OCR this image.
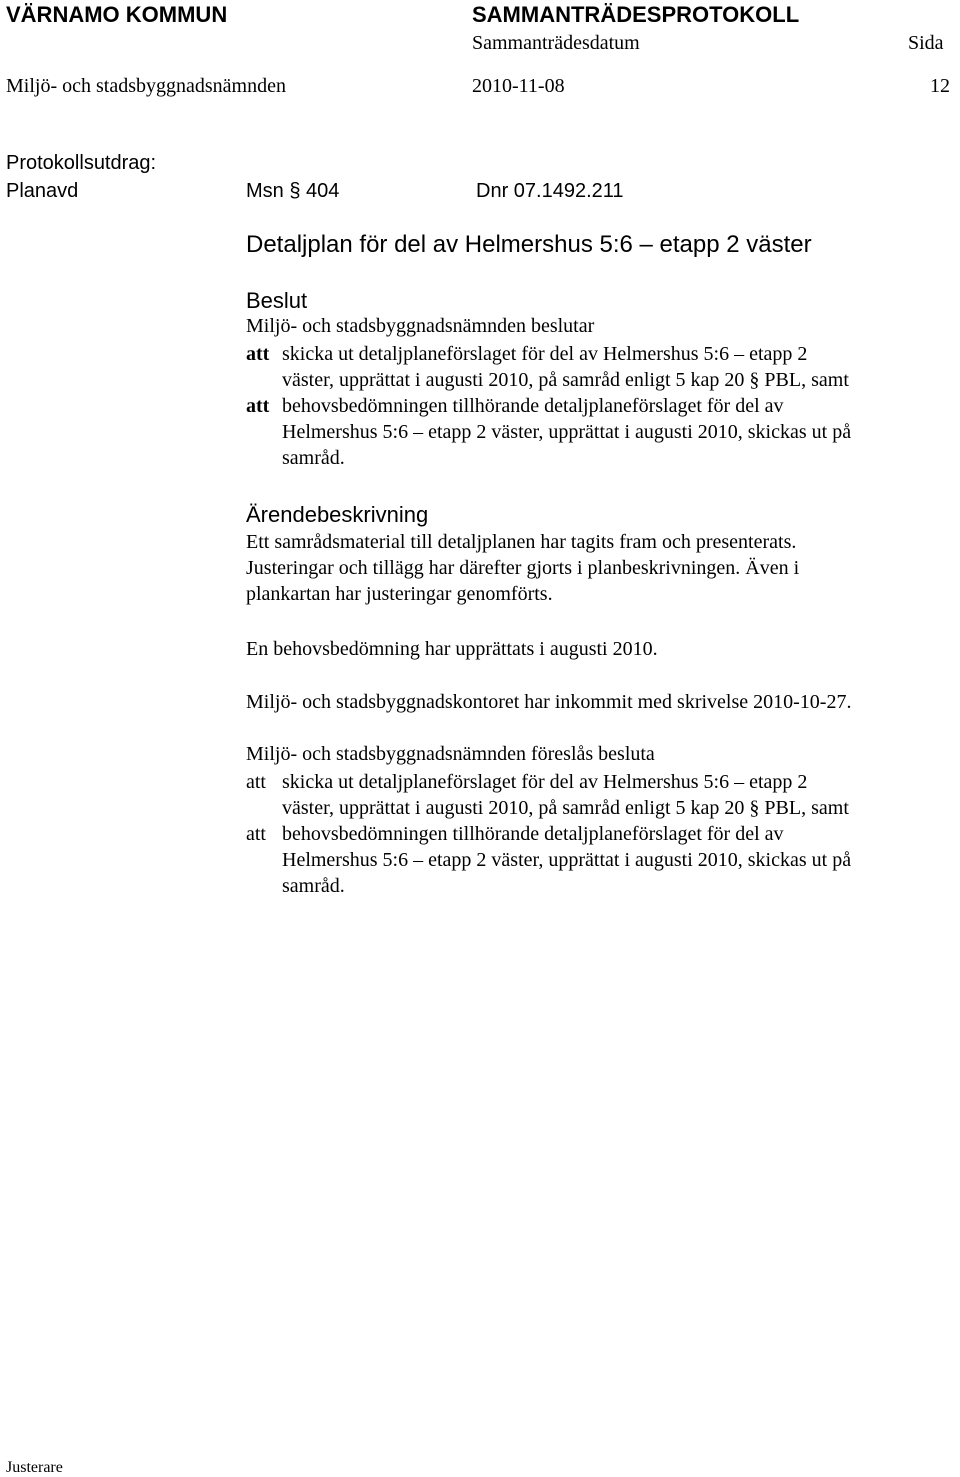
VÄRNAMO KOMMUN	SAMMANTRÄDESPROTOKOLL
Sammanträdesdatum	Sida
Miljö- och stadsbyggnadsnämnden	2010-11-08	12
Protokollsutdrag:
Planavd	Msn § 404	Dnr 07.1492.211
Detaljplan för del av Helmershus 5:6 – etapp 2 väster
Beslut
Miljö- och stadsbyggnadsnämnden beslutar
att skicka ut detaljplaneförslaget för del av Helmershus 5:6 – etapp 2
väster, upprättat i augusti 2010, på samråd enligt 5 kap 20 § PBL, samt
att behovsbedömningen tillhörande detaljplaneförslaget för del av
Helmershus 5:6 – etapp 2 väster, upprättat i augusti 2010, skickas ut på
samråd.
Ärendebeskrivning
Ett samrådsmaterial till detaljplanen har tagits fram och presenterats.
Justeringar och tillägg har därefter gjorts i planbeskrivningen. Även i
plankartan har justeringar genomförts.
En behovsbedömning har upprättats i augusti 2010.
Miljö- och stadsbyggnadskontoret har inkommit med skrivelse 2010-10-27.
Miljö- och stadsbyggnadsnämnden föreslås besluta
att skicka ut detaljplaneförslaget för del av Helmershus 5:6 – etapp 2
väster, upprättat i augusti 2010, på samråd enligt 5 kap 20 § PBL, samt
att behovsbedömningen tillhörande detaljplaneförslaget för del av
Helmershus 5:6 – etapp 2 väster, upprättat i augusti 2010, skickas ut på
samråd.
Justerare
